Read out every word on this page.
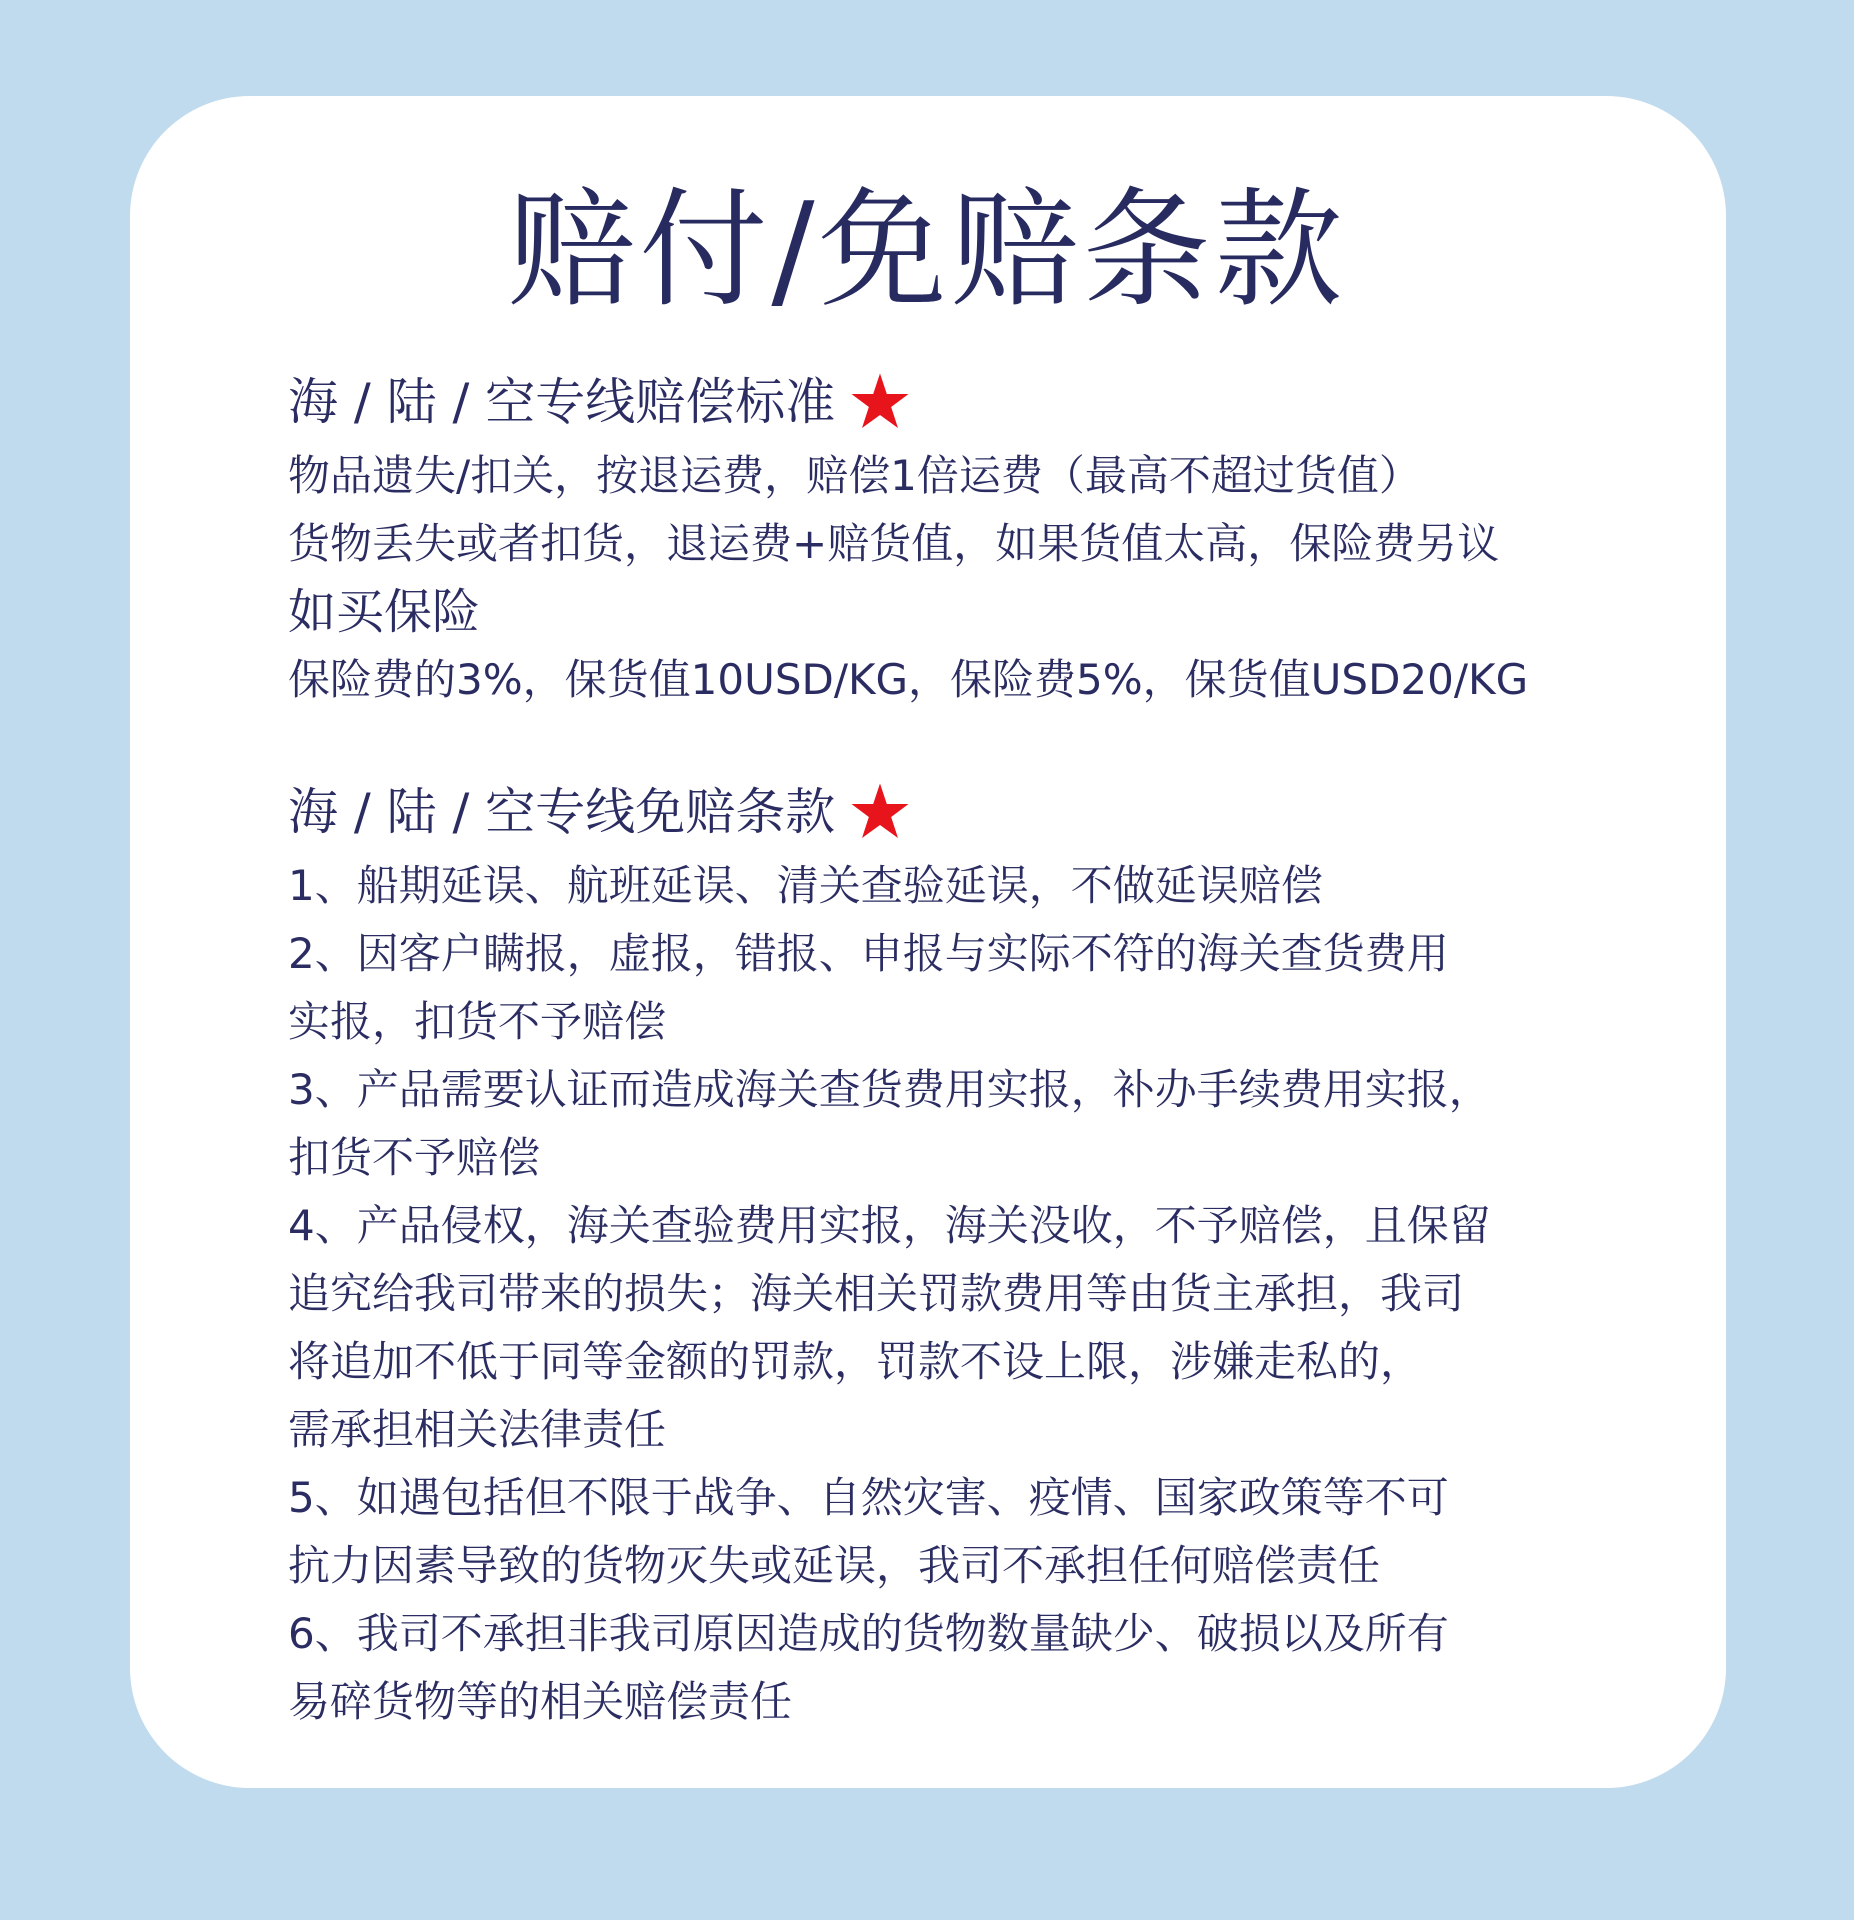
赔付/免赔条款
海 / 陆 / 空专线赔偿标准
物品遗失/扣关，按退运费，赔偿1倍运费（最高不超过货值）
货物丢失或者扣货，退运费+赔货值，如果货值太高，保险费另议
如买保险
保险费的3%，保货值10USD/KG，保险费5%，保货值USD20/KG
海 / 陆 / 空专线免赔条款
1、船期延误、航班延误、清关查验延误，不做延误赔偿
2、因客户瞒报，虚报，错报、申报与实际不符的海关查货费用
实报，扣货不予赔偿
3、产品需要认证而造成海关查货费用实报，补办手续费用实报，
扣货不予赔偿
4、产品侵权，海关查验费用实报，海关没收，不予赔偿，且保留
追究给我司带来的损失；海关相关罚款费用等由货主承担，我司
将追加不低于同等金额的罚款，罚款不设上限，涉嫌走私的，
需承担相关法律责任
5、如遇包括但不限于战争、自然灾害、疫情、国家政策等不可
抗力因素导致的货物灭失或延误，我司不承担任何赔偿责任
6、我司不承担非我司原因造成的货物数量缺少、破损以及所有
易碎货物等的相关赔偿责任
